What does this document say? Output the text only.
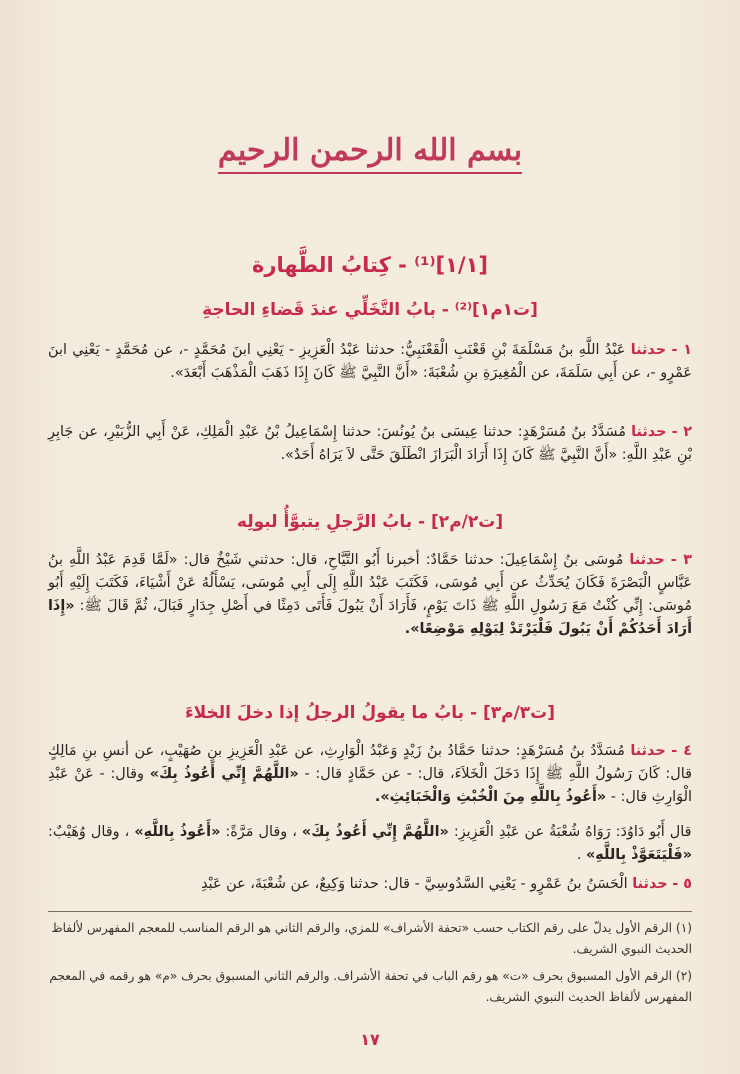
بسم الله الرحمن الرحيم
[١/١]⁽¹⁾ - كِتابُ الطَّهارة
[ت١م١]⁽²⁾ - بابُ التَّخَلِّي عندَ قَضاءِ الحاجةِ
١ - حدثنا عَبْدُ اللَّهِ بنُ مَسْلَمَةَ بْنِ قَعْنَبِ الْقَعْنَبِيُّ: حدثنا عَبْدُ الْعَزِيزِ - يَعْنِي ابنَ مُحَمَّدٍ -، عن مُحَمَّدٍ - يَعْنِي ابنَ عَمْرٍو -، عن أَبِي سَلَمَةَ، عن الْمُغِيرَةِ بنِ شُعْبَةَ: «أَنَّ النَّبِيَّ ﷺ كَانَ إِذَا ذَهَبَ الْمَذْهَبَ أَبْعَدَ».
٢ - حدثنا مُسَدَّدُ بنُ مُسَرْهَدٍ: حدثنا عِيسَى بنُ يُونُسَ: حدثنا إِسْمَاعِيلُ بْنُ عَبْدِ الْمَلِكِ، عَنْ أَبِي الزُّبَيْرِ، عن جَابِرِ بْنِ عَبْدِ اللَّهِ: «أَنَّ النَّبِيَّ ﷺ كَانَ إِذَا أَرَادَ الْبَرَازَ انْطَلَقَ حَتَّى لاَ يَرَاهُ أَحَدٌ».
[ت٢/م٢] - بابُ الرَّجلِ يتبوَّأُ لبولِه
٣ - حدثنا مُوسَى بنُ إِسْمَاعِيلَ: حدثنا حَمَّادٌ: أخبرنا أَبُو التَّيَّاحِ، قال: حدثني شَيْخٌ قال: «لَمَّا قَدِمَ عَبْدُ اللَّهِ بنُ عَبَّاسٍ الْبَصْرَةَ فَكَانَ يُحَدِّثُ عن أَبِي مُوسَى، فَكَتَبَ عَبْدُ اللَّهِ إِلَى أَبِي مُوسَى، يَسْأَلُهُ عَنْ أَشْيَاءَ، فَكَتَبَ إِلَيْهِ أَبُو مُوسَى: إِنِّي كُنْتُ مَعَ رَسُولِ اللَّهِ ﷺ ذَاتَ يَوْمٍ، فَأَرَادَ أَنْ يَبُولَ فَأَتَى دَمِثًا في أَصْلِ جِدَارٍ فَبَالَ، ثُمَّ قَالَ ﷺ: «إِذَا أَرَادَ أَحَدُكُمْ أَنْ يَبُولَ فَلْيَرْتَدْ لِبَوْلِهِ مَوْضِعًا».
[ت٣/م٣] - بابُ ما يقولُ الرجلُ إذا دخلَ الخلاءَ
٤ - حدثنا مُسَدَّدُ بنُ مُسَرْهَدٍ: حدثنا حَمَّادُ بنُ زَيْدٍ وَعَبْدُ الْوَارِثِ، عن عَبْدِ الْعَزِيزِ بنِ صُهَيْبٍ، عن أنسِ بنِ مَالِكٍ قال: كَانَ رَسُولُ اللَّهِ ﷺ إِذَا دَخَلَ الْخَلاَءَ، قال: - عن حَمَّادٍ قال: - «اللَّهُمَّ إِنِّي أَعُوذُ بِكَ» وقال: - عَنْ عَبْدِ الْوَارِثِ قال: - «أَعُوذُ بِاللَّهِ مِنَ الْخُبْثِ وَالْخَبَائِثِ».
قال أَبُو دَاوُدَ: رَوَاهُ شُعْبَةُ عن عَبْدِ الْعَزِيزِ: «اللَّهُمَّ إِنِّي أَعُوذُ بِكَ» ، وقال مَرَّةً: «أَعُوذُ بِاللَّهِ» ، وقال وُهَيْبٌ: «فَلْيَتَعَوَّذْ بِاللَّهِ» .
٥ - حدثنا الْحَسَنُ بنُ عَمْرٍو - يَعْنِي السَّدُوسِيَّ - قال: حدثنا وَكِيعٌ، عن شُعْبَةَ، عن عَبْدِ
(١) الرقم الأول يدلّ على رقم الكتاب حسب «تحفة الأشراف» للمزي، والرقم الثاني هو الرقم المناسب للمعجم المفهرس لألفاظ الحديث النبوي الشريف.
(٢) الرقم الأول المسبوق بحرف «ت» هو رقم الباب في تحفة الأشراف. والرقم الثاني المسبوق بحرف «م» هو رقمه في المعجم المفهرس لألفاظ الحديث النبوي الشريف.
١٧
